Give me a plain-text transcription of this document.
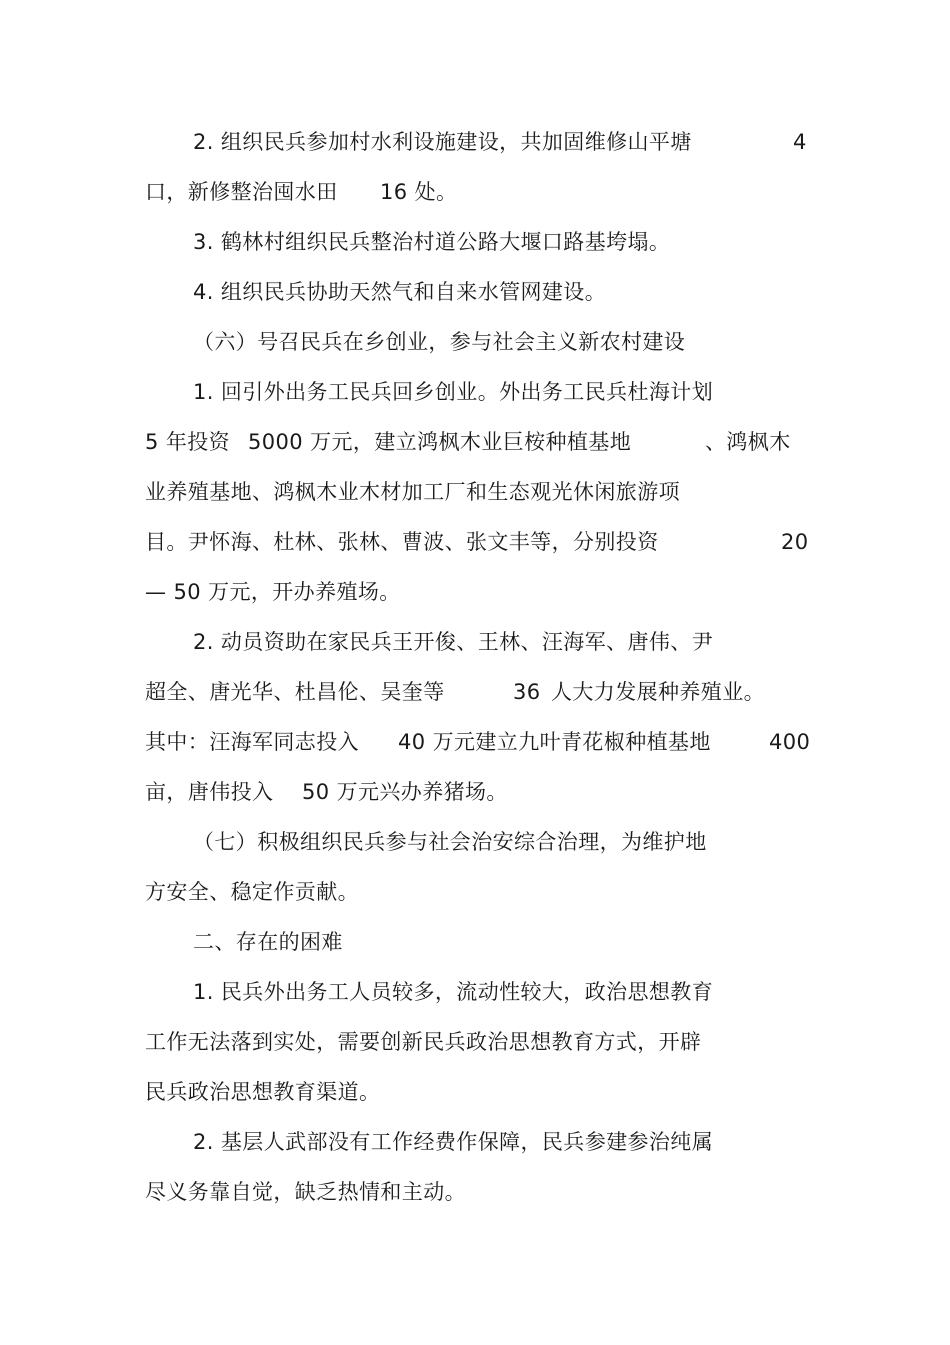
2. 组织民兵参加村水利设施建设，共加固维修山平塘	4
口，新修整治囤水田 16 处。
3. 鹤林村组织民兵整治村道公路大堰口路基垮塌。
4. 组织民兵协助天然气和自来水管网建设。
（六）号召民兵在乡创业，参与社会主义新农村建设
1. 回引外出务工民兵回乡创业。外出务工民兵杜海计划
5 年投资 5000 万元，建立鸿枫木业巨桉种植基地	、鸿枫木
业养殖基地、鸿枫木业木材加工厂和生态观光休闲旅游项
目。尹怀海、杜林、张林、曹波、张文丰等，分别投资	20
— 50 万元，开办养殖场。
2. 动员资助在家民兵王开俊、王林、汪海军、唐伟、尹
超全、唐光华、杜昌伦、吴奎等	36 人大力发展种养殖业。
其中：汪海军同志投入 40 万元建立九叶青花椒种植基地	400
亩，唐伟投入 50 万元兴办养猪场。
（七）积极组织民兵参与社会治安综合治理，为维护地
方安全、稳定作贡献。
二、存在的困难
1. 民兵外出务工人员较多，流动性较大，政治思想教育
工作无法落到实处，需要创新民兵政治思想教育方式，开辟
民兵政治思想教育渠道。
2. 基层人武部没有工作经费作保障，民兵参建参治纯属
尽义务靠自觉，缺乏热情和主动。
